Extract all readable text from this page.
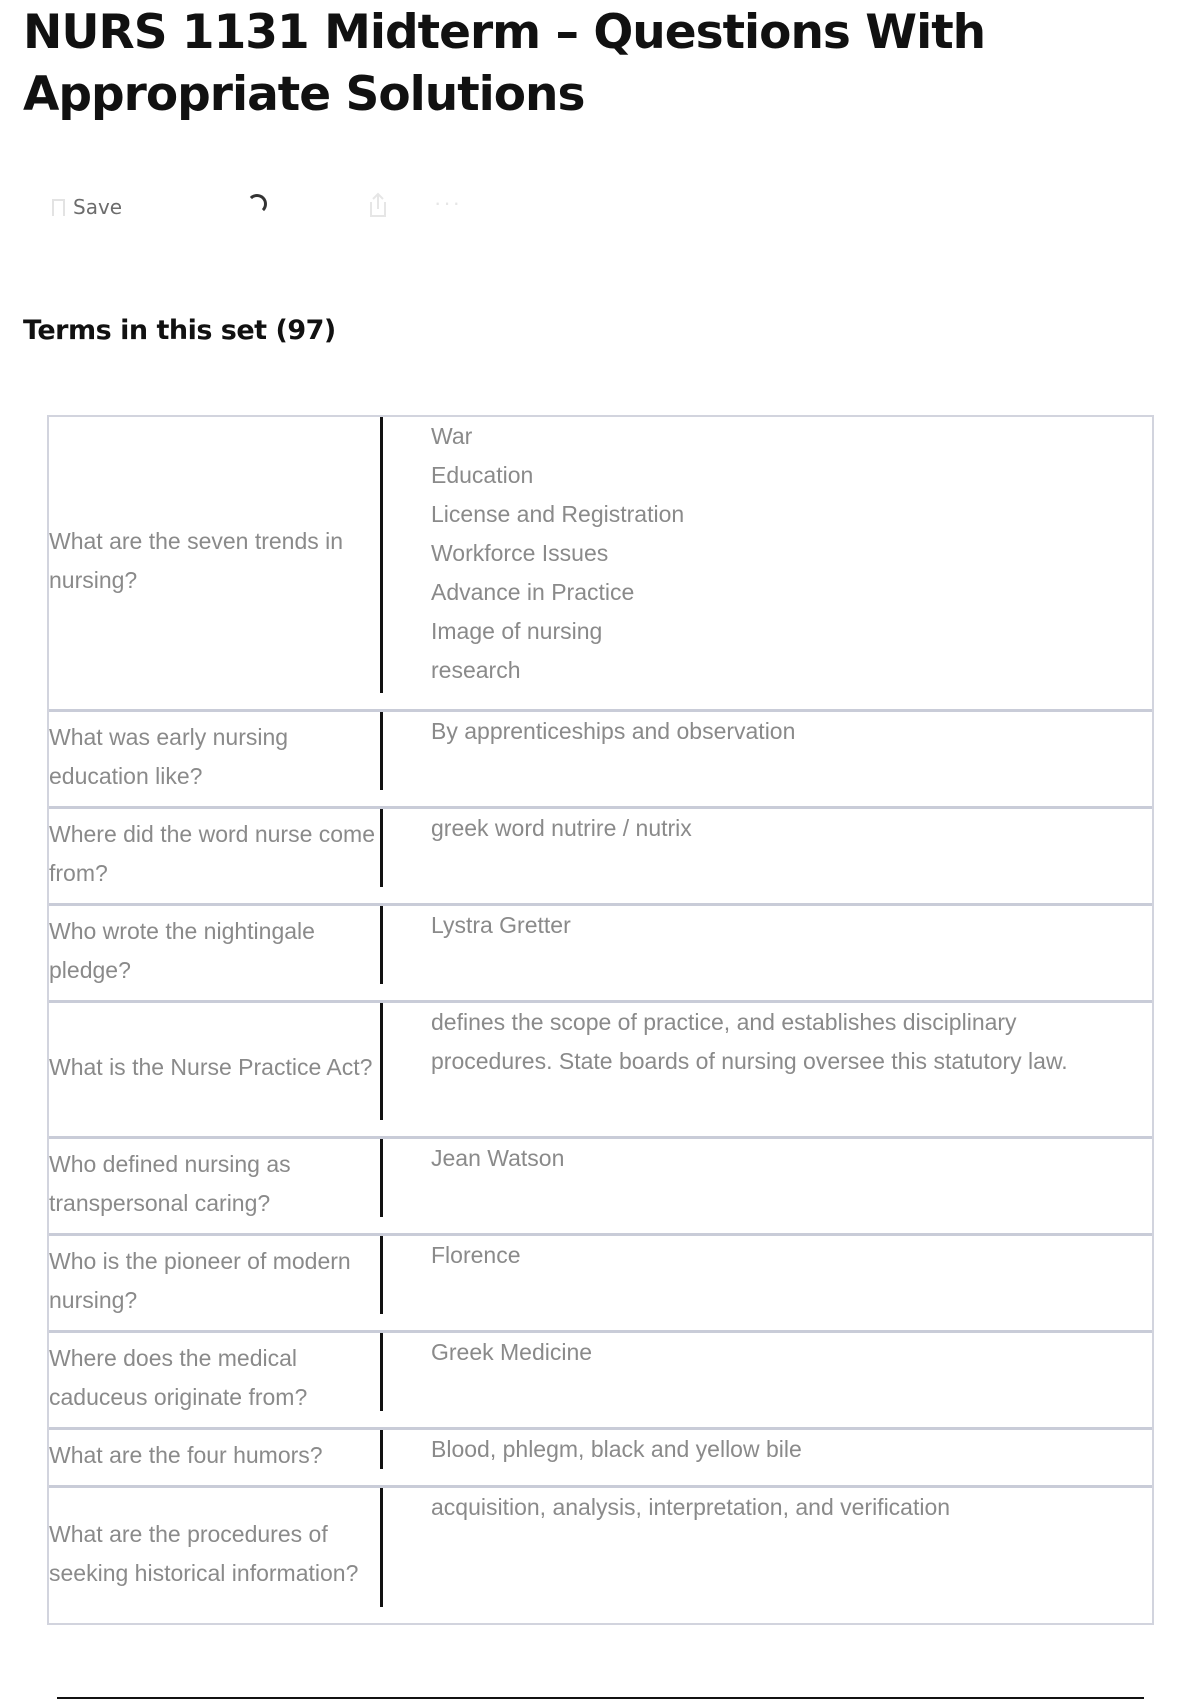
NURS 1131 Midterm – Questions With Appropriate Solutions
Save	···
Terms in this set (97)
What are the seven trends in nursing?
War
Education
License and Registration
Workforce Issues
Advance in Practice
Image of nursing
research
What was early nursing education like?
By apprenticeships and observation
Where did the word nurse come from?
greek word nutrire / nutrix
Who wrote the nightingale pledge?
Lystra Gretter
What is the Nurse Practice Act?
defines the scope of practice, and establishes disciplinary procedures. State boards of nursing oversee this statutory law.
Who defined nursing as transpersonal caring?
Jean Watson
Who is the pioneer of modern nursing?
Florence
Where does the medical caduceus originate from?
Greek Medicine
What are the four humors?	Blood, phlegm, black and yellow bile
What are the procedures of seeking historical information?
acquisition, analysis, interpretation, and verification
